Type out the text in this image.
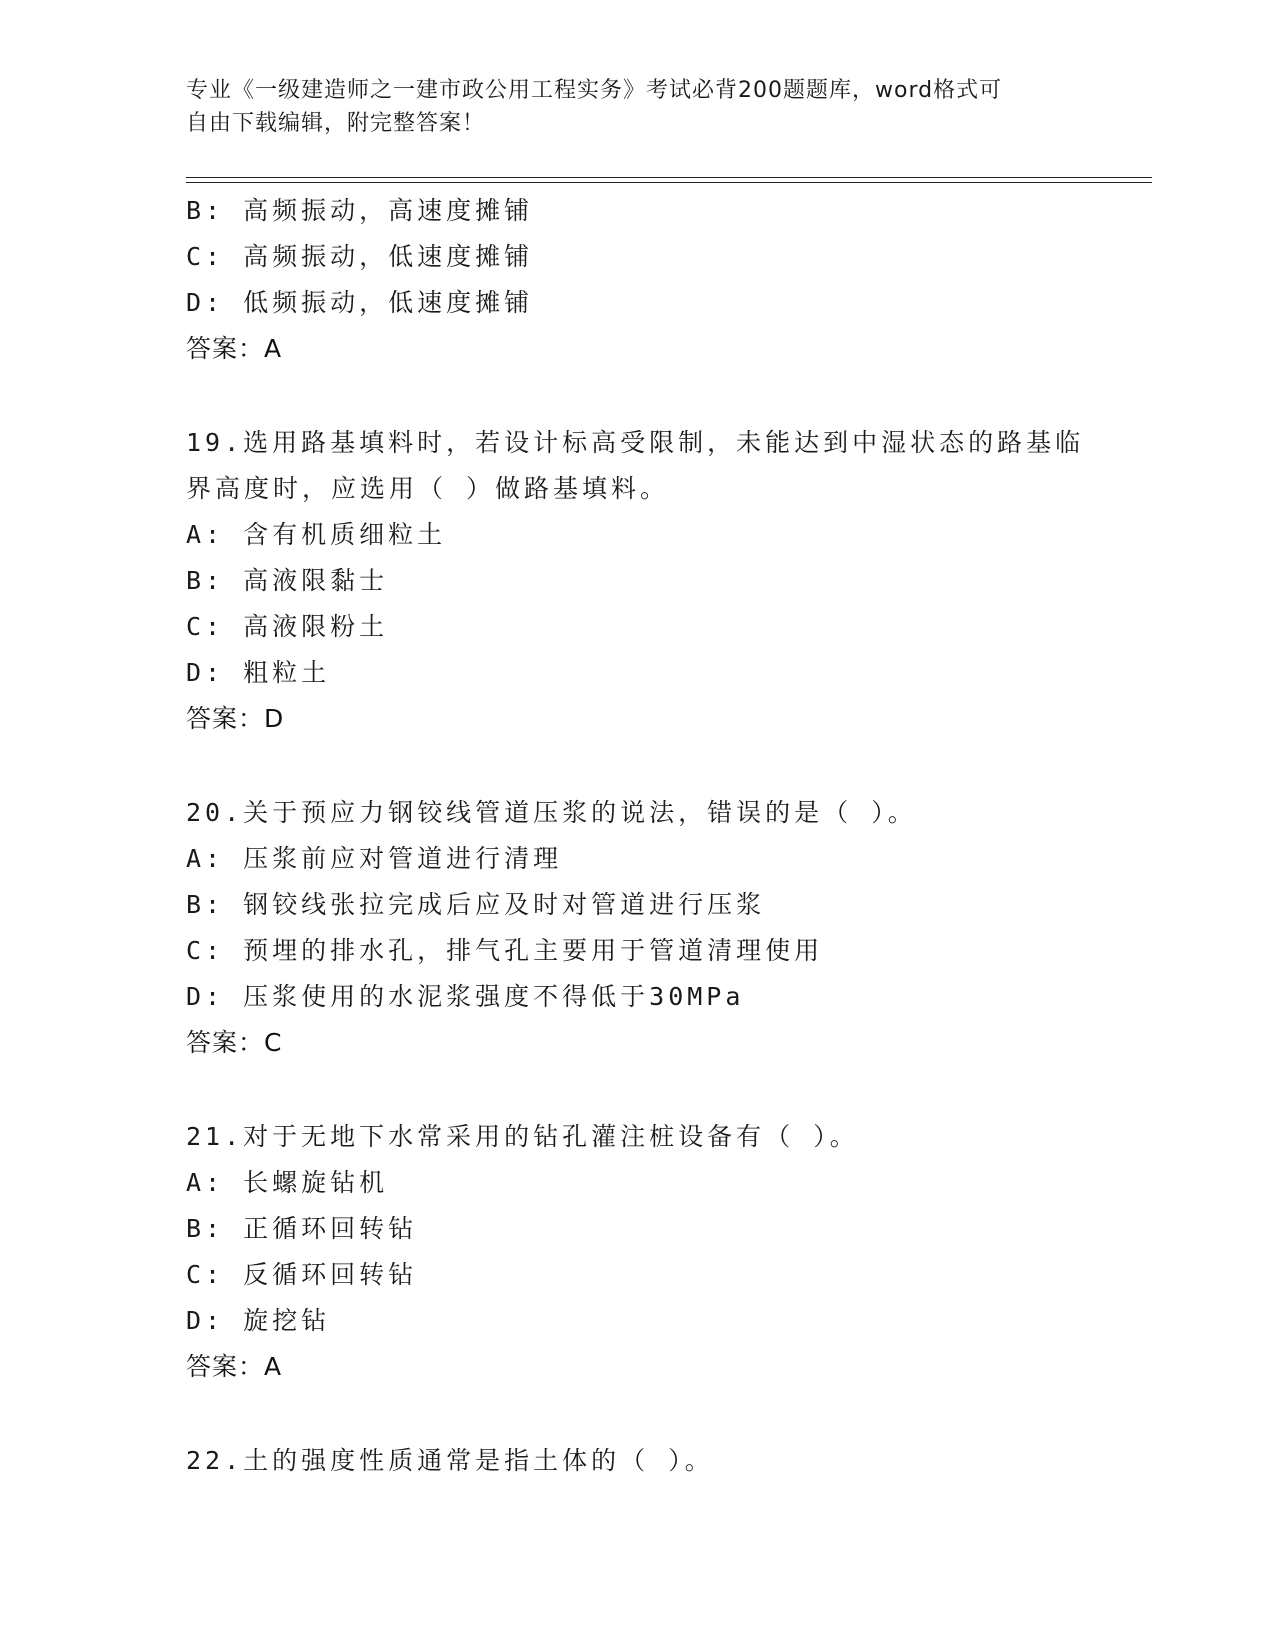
专业《一级建造师之一建市政公用工程实务》考试必背200题题库，word格式可
自由下载编辑，附完整答案！
B: 高频振动，高速度摊铺
C: 高频振动，低速度摊铺
D: 低频振动，低速度摊铺
答案：A
19.选用路基填料时，若设计标高受限制，未能达到中湿状态的路基临
界高度时，应选用（ ）做路基填料。
A: 含有机质细粒土
B: 高液限黏士
C: 高液限粉土
D: 粗粒土
答案：D
20.关于预应力钢铰线管道压浆的说法，错误的是（ ）。
A: 压浆前应对管道进行清理
B: 钢铰线张拉完成后应及时对管道进行压浆
C: 预埋的排水孔，排气孔主要用于管道清理使用
D: 压浆使用的水泥浆强度不得低于30MPa
答案：C
21.对于无地下水常采用的钻孔灌注桩设备有（ ）。
A: 长螺旋钻机
B: 正循环回转钻
C: 反循环回转钻
D: 旋挖钻
答案：A
22.土的强度性质通常是指土体的（ ）。
